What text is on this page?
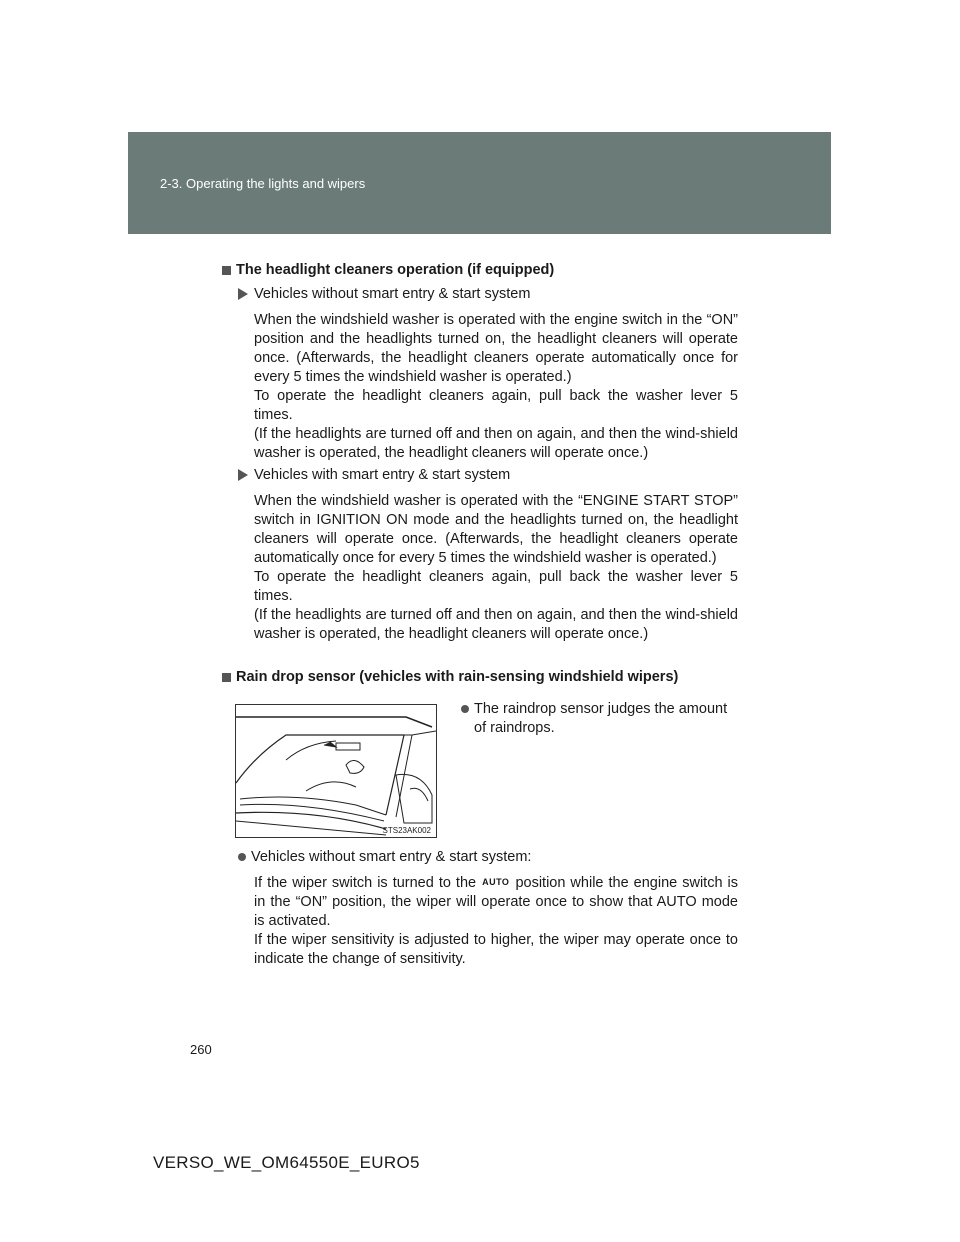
2-3. Operating the lights and wipers
The headlight cleaners operation (if equipped)
Vehicles without smart entry & start system

When the windshield washer is operated with the engine switch in the “ON” position and the headlights turned on, the headlight cleaners will operate once. (Afterwards, the headlight cleaners operate automatically once for every 5 times the windshield washer is operated.)

To operate the headlight cleaners again, pull back the washer lever 5 times.

(If the headlights are turned off and then on again, and then the wind-shield washer is operated, the headlight cleaners will operate once.)

Vehicles with smart entry & start system

When the windshield washer is operated with the “ENGINE START STOP” switch in IGNITION ON mode and the headlights turned on, the headlight cleaners will operate once. (Afterwards, the headlight cleaners operate automatically once for every 5 times the windshield washer is operated.)

To operate the headlight cleaners again, pull back the washer lever 5 times.

(If the headlights are turned off and then on again, and then the wind-shield washer is operated, the headlight cleaners will operate once.)

Rain drop sensor (vehicles with rain-sensing windshield wipers)
STS23AK002
The raindrop sensor judges the amount of raindrops.
Vehicles without smart entry & start system:

If the wiper switch is turned to the AUTO position while the engine switch is in the “ON” position, the wiper will operate once to show that AUTO mode is activated.

If the wiper sensitivity is adjusted to higher, the wiper may operate once to indicate the change of sensitivity.

260
VERSO_WE_OM64550E_EURO5
